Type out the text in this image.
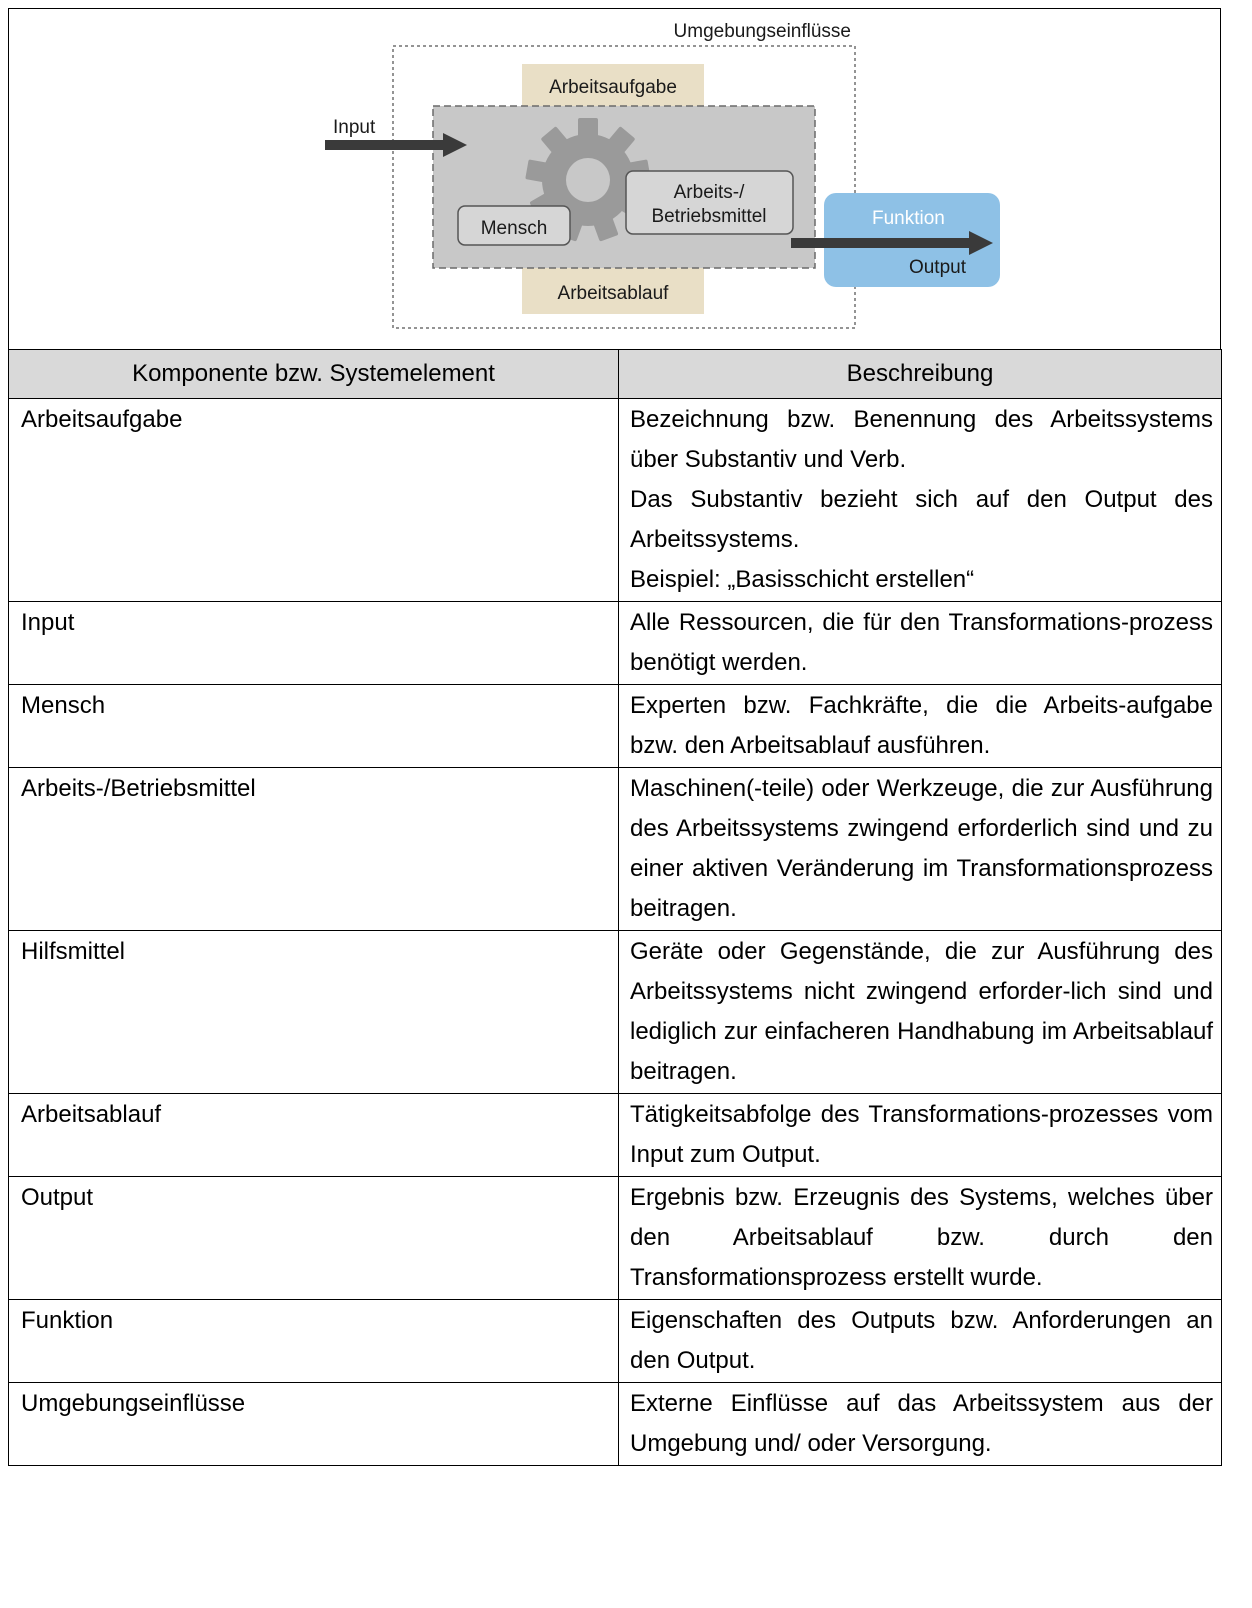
Umgebungseinflüsse
Arbeitsaufgabe
Arbeitsablauf
Mensch
Arbeits-/
Betriebsmittel	Funktion
Output
Input
Komponente bzw. Systemelement	Beschreibung
Arbeitsaufgabe	Bezeichnung bzw. Benennung des Arbeitssystems über Substantiv und Verb.
Das Substantiv bezieht sich auf den Output des Arbeitssystems.
Beispiel: „Basisschicht erstellen“

Input	Alle Ressourcen, die für den Transformations-prozess benötigt werden.

Mensch	Experten bzw. Fachkräfte, die die Arbeits-aufgabe bzw. den Arbeitsablauf ausführen.

Arbeits-/Betriebsmittel	Maschinen(-teile) oder Werkzeuge, die zur Ausführung des Arbeitssystems zwingend erforderlich sind und zu einer aktiven Veränderung im Transformationsprozess beitragen.

Hilfsmittel	Geräte oder Gegenstände, die zur Ausführung des Arbeitssystems nicht zwingend erforder-lich sind und lediglich zur einfacheren Handhabung im Arbeitsablauf beitragen.

Arbeitsablauf	Tätigkeitsabfolge des Transformations-prozesses vom Input zum Output.

Output	Ergebnis bzw. Erzeugnis des Systems, welches über den Arbeitsablauf bzw. durch den Transformationsprozess erstellt wurde.

Funktion	Eigenschaften des Outputs bzw. Anforderungen an den Output.

Umgebungseinflüsse	Externe Einflüsse auf das Arbeitssystem aus der Umgebung und/ oder Versorgung.
